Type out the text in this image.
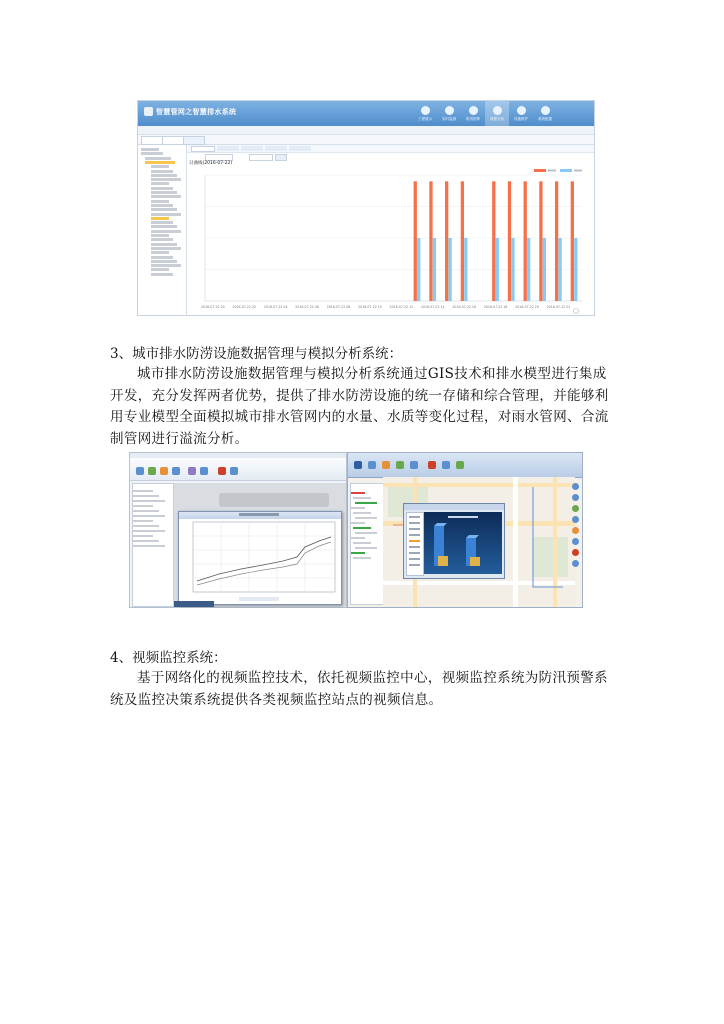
智慧管网之智慧排水系统
工程展示	实时监测	防汛指挥	数据分析	设施维护	系统配置
日曲线(2016-07-22)
2016-07-22 00 2016-07-22 02 2016-07-22 04 2016-07-22 06 2016-07-22 08 2016-07-22 10 2016-07-22 12 2016-07-22 14 2016-07-22 16 2016-07-22 18 2016-07-22 20 2016-07-22 22
3、城市排水防涝设施数据管理与模拟分析系统：

城市排水防涝设施数据管理与模拟分析系统通过GIS技术和排水模型进行集成开发，充分发挥两者优势，提供了排水防涝设施的统一存储和综合管理，并能够利用专业模型全面模拟城市排水管网内的水量、水质等变化过程，对雨水管网、合流制管网进行溢流分析。

4、视频监控系统：

基于网络化的视频监控技术，依托视频监控中心，视频监控系统为防汛预警系统及监控决策系统提供各类视频监控站点的视频信息。
